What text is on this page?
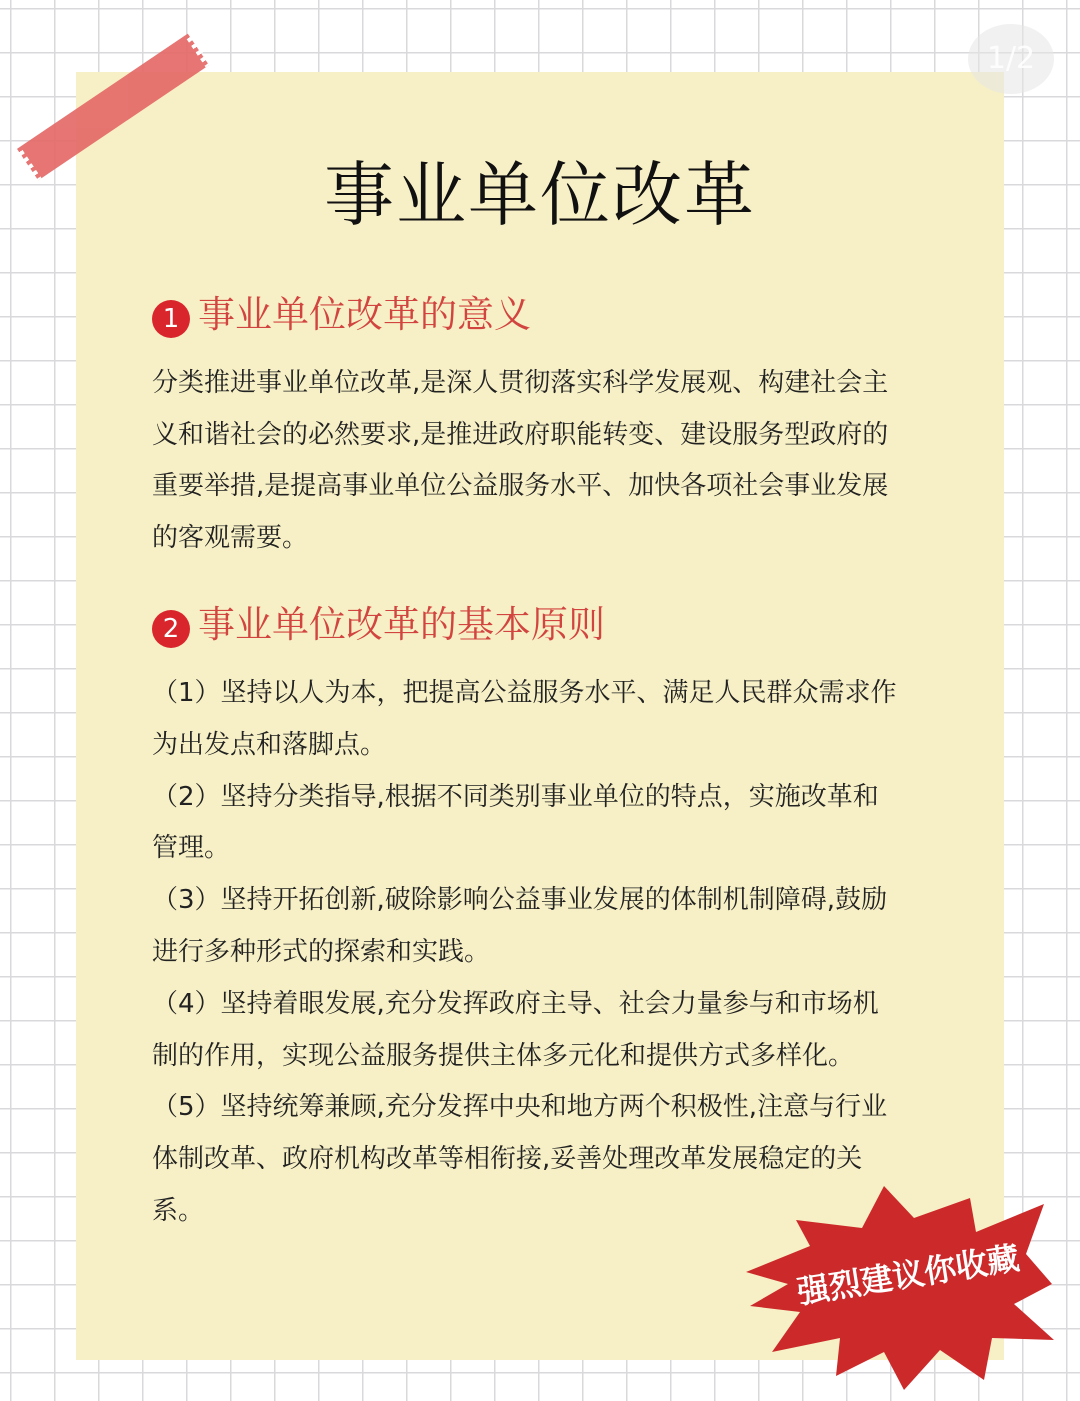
1/2
事业单位改革
1 事业单位改革的意义
分类推进事业单位改革,是深人贯彻落实科学发展观、构建社会主
义和谐社会的必然要求,是推进政府职能转变、建设服务型政府的
重要举措,是提高事业单位公益服务水平、加快各项社会事业发展
的客观需要。
2 事业单位改革的基本原则

（1）坚持以人为本，把提高公益服务水平、满足人民群众需求作

为出发点和落脚点。

（2）坚持分类指导,根据不同类别事业单位的特点，实施改革和

管理。

（3）坚持开拓创新,破除影响公益事业发展的体制机制障碍,鼓励

进行多种形式的探索和实践。

（4）坚持着眼发展,充分发挥政府主导、社会力量参与和市场机

制的作用，实现公益服务提供主体多元化和提供方式多样化。

（5）坚持统筹兼顾,充分发挥中央和地方两个积极性,注意与行业

体制改革、政府机构改革等相衔接,妥善处理改革发展稳定的关

系。

强烈建议你收藏
